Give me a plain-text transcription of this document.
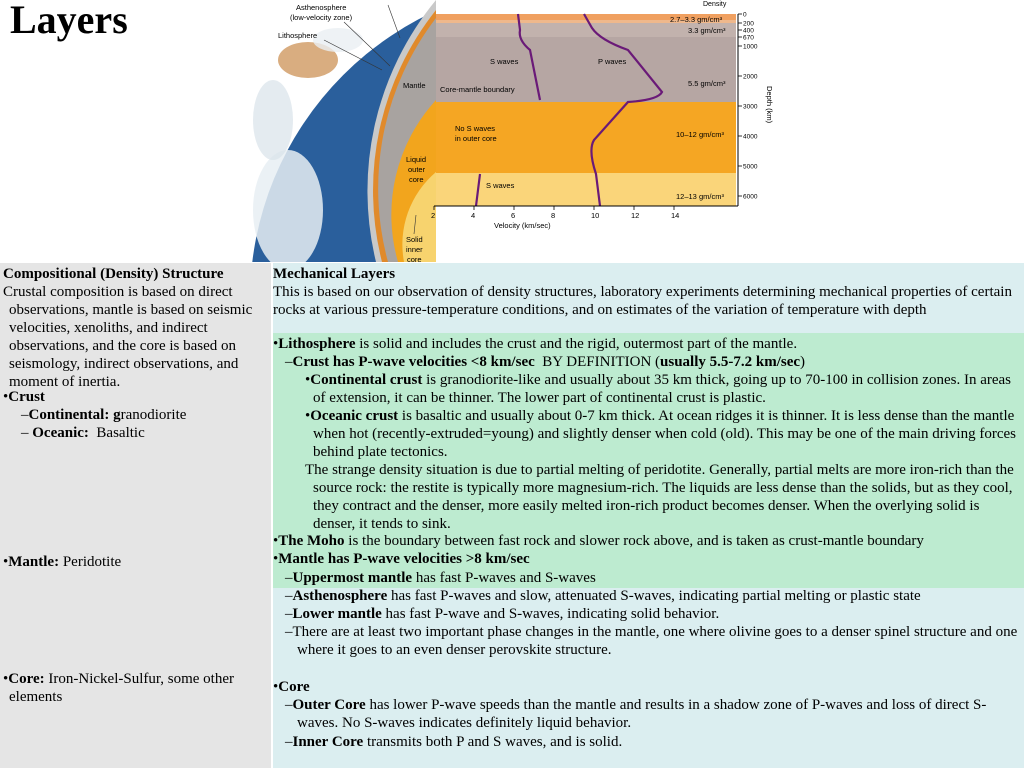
Layers
2	4	6	8	10	12	14
0
200
400
670
1000
2000
3000
4000
5000
6000
Velocity (km/sec)
Depth (km)
Density
2.7–3.3 gm/cm³
3.3 gm/cm³
5.5 gm/cm³
10–12 gm/cm³
12–13 gm/cm³
S waves	P waves
Core-mantle boundary
Mantle
No S waves
in outer core
S waves
Liquid
outer
core
Solid
inner
core
Asthenosphere
(low-velocity zone)
Lithosphere
Compositional (Density) Structure
Crustal composition is based on direct observations, mantle is based on seismic velocities, xenoliths, and indirect observations, and the core is based on seismology, indirect observations, and moment of inertia.
•Crust
–Continental: granodiorite
– Oceanic:  Basaltic
•Mantle: Peridotite
•Core: Iron-Nickel-Sulfur, some other elements
Mechanical Layers
This is based on our observation of density structures, laboratory experiments determining mechanical properties of certain rocks at various pressure-temperature conditions, and on estimates of the variation of temperature with depth
•Lithosphere is solid and includes the crust and the rigid, outermost part of the mantle.
–Crust has P-wave velocities <8 km/sec  BY DEFINITION (usually 5.5-7.2 km/sec)
•Continental crust is granodiorite-like and usually about 35 km thick, going up to 70-100 in collision zones. In areas of extension, it can be thinner. The lower part of continental crust is plastic.
•Oceanic crust is basaltic and usually about 0-7 km thick. At ocean ridges it is thinner. It is less dense than the mantle when hot (recently-extruded=young) and slightly denser when cold (old). This may be one of the main driving forces behind plate tectonics.
The strange density situation is due to partial melting of peridotite. Generally, partial melts are more iron-rich than the source rock: the restite is typically more magnesium-rich. The liquids are less dense than the solids, but as they cool, they contract and the denser, more easily melted iron-rich product becomes denser. When the overlying solid is denser, it tends to sink.
•The Moho is the boundary between fast rock and slower rock above, and is taken as crust-mantle boundary
•Mantle has P-wave velocities >8 km/sec
–Uppermost mantle has fast P-waves and S-waves
–Asthenosphere has fast P-waves and slow, attenuated S-waves, indicating partial melting or plastic state
–Lower mantle has fast P-wave and S-waves, indicating solid behavior.
–There are at least two important phase changes in the mantle, one where olivine goes to a denser spinel structure and one where it goes to an even denser perovskite structure.
•Core
–Outer Core has lower P-wave speeds than the mantle and results in a shadow zone of P-waves and loss of direct S-waves. No S-waves indicates definitely liquid behavior.
–Inner Core transmits both P and S waves, and is solid.
